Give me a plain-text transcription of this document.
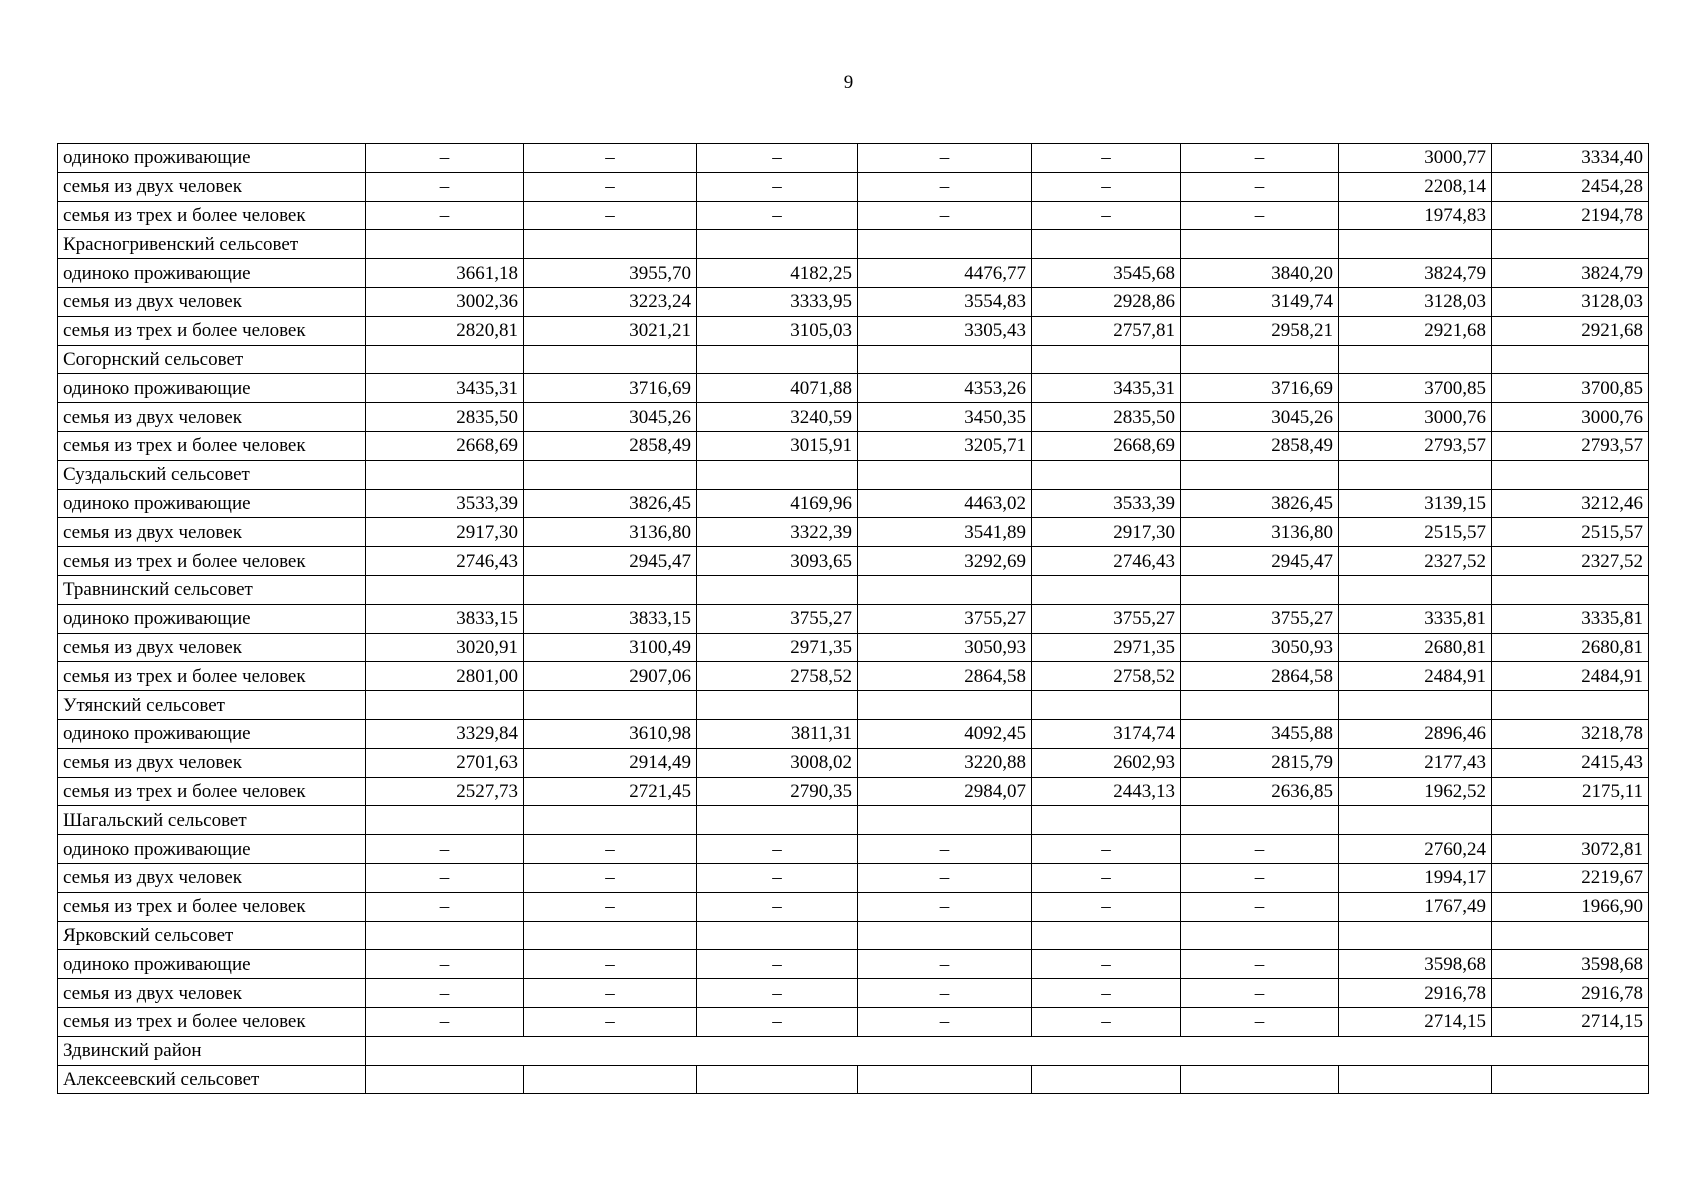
9
одиноко проживающие	–	–	–	–	–	–	3000,77	3334,40
семья из двух человек	–	–	–	–	–	–	2208,14	2454,28
семья из трех и более человек	–	–	–	–	–	–	1974,83	2194,78
Красногривенский сельсовет								
одиноко проживающие	3661,18	3955,70	4182,25	4476,77	3545,68	3840,20	3824,79	3824,79
семья из двух человек	3002,36	3223,24	3333,95	3554,83	2928,86	3149,74	3128,03	3128,03
семья из трех и более человек	2820,81	3021,21	3105,03	3305,43	2757,81	2958,21	2921,68	2921,68
Согорнский сельсовет								
одиноко проживающие	3435,31	3716,69	4071,88	4353,26	3435,31	3716,69	3700,85	3700,85
семья из двух человек	2835,50	3045,26	3240,59	3450,35	2835,50	3045,26	3000,76	3000,76
семья из трех и более человек	2668,69	2858,49	3015,91	3205,71	2668,69	2858,49	2793,57	2793,57
Суздальский сельсовет								
одиноко проживающие	3533,39	3826,45	4169,96	4463,02	3533,39	3826,45	3139,15	3212,46
семья из двух человек	2917,30	3136,80	3322,39	3541,89	2917,30	3136,80	2515,57	2515,57
семья из трех и более человек	2746,43	2945,47	3093,65	3292,69	2746,43	2945,47	2327,52	2327,52
Травнинский сельсовет								
одиноко проживающие	3833,15	3833,15	3755,27	3755,27	3755,27	3755,27	3335,81	3335,81
семья из двух человек	3020,91	3100,49	2971,35	3050,93	2971,35	3050,93	2680,81	2680,81
семья из трех и более человек	2801,00	2907,06	2758,52	2864,58	2758,52	2864,58	2484,91	2484,91
Утянский сельсовет								
одиноко проживающие	3329,84	3610,98	3811,31	4092,45	3174,74	3455,88	2896,46	3218,78
семья из двух человек	2701,63	2914,49	3008,02	3220,88	2602,93	2815,79	2177,43	2415,43
семья из трех и более человек	2527,73	2721,45	2790,35	2984,07	2443,13	2636,85	1962,52	2175,11
Шагальский сельсовет								
одиноко проживающие	–	–	–	–	–	–	2760,24	3072,81
семья из двух человек	–	–	–	–	–	–	1994,17	2219,67
семья из трех и более человек	–	–	–	–	–	–	1767,49	1966,90
Ярковский сельсовет								
одиноко проживающие	–	–	–	–	–	–	3598,68	3598,68
семья из двух человек	–	–	–	–	–	–	2916,78	2916,78
семья из трех и более человек	–	–	–	–	–	–	2714,15	2714,15
Здвинский район								
Алексеевский сельсовет								
